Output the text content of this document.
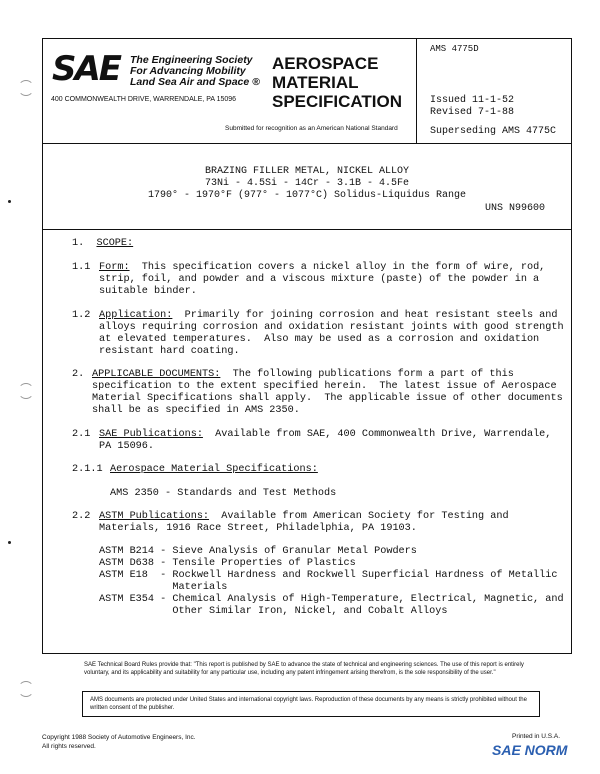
SAE The Engineering Society
For Advancing Mobility
Land Sea Air and Space ®
400 COMMONWEALTH DRIVE, WARRENDALE, PA 15096
AEROSPACE
MATERIAL
SPECIFICATION
Submitted for recognition as an American National Standard
AMS 4775D
Issued 11-1-52
Revised 7-1-88
Superseding AMS 4775C
BRAZING FILLER METAL, NICKEL ALLOY
73Ni - 4.5Si - 14Cr - 3.1B - 4.5Fe
1790° - 1970°F (977° - 1077°C) Solidus-Liquidus Range
UNS N99600
1. SCOPE:
1.1 Form:  This specification covers a nickel alloy in the form of wire, rod,
strip, foil, and powder and a viscous mixture (paste) of the powder in a
suitable binder.
1.2 Application:  Primarily for joining corrosion and heat resistant steels and
alloys requiring corrosion and oxidation resistant joints with good strength
at elevated temperatures.  Also may be used as a corrosion and oxidation
resistant hard coating.
2. APPLICABLE DOCUMENTS:  The following publications form a part of this
specification to the extent specified herein.  The latest issue of Aerospace
Material Specifications shall apply.  The applicable issue of other documents
shall be as specified in AMS 2350.
2.1 SAE Publications:  Available from SAE, 400 Commonwealth Drive, Warrendale,
PA 15096.
2.1.1 Aerospace Material Specifications:
AMS 2350 - Standards and Test Methods
2.2 ASTM Publications:  Available from American Society for Testing and
Materials, 1916 Race Street, Philadelphia, PA 19103.
ASTM B214 - Sieve Analysis of Granular Metal Powders
ASTM D638 - Tensile Properties of Plastics
ASTM E18  - Rockwell Hardness and Rockwell Superficial Hardness of Metallic
Materials
ASTM E354 - Chemical Analysis of High-Temperature, Electrical, Magnetic, and
Other Similar Iron, Nickel, and Cobalt Alloys
SAE Technical Board Rules provide that: "This report is published by SAE to advance the state of technical and engineering sciences. The use of this report is entirely voluntary, and its applicability and suitability for any particular use, including any patent infringement arising therefrom, is the sole responsibility of the user."
AMS documents are protected under United States and international copyright laws. Reproduction of these documents by any means is strictly prohibited without the written consent of the publisher.
Copyright 1988 Society of Automotive Engineers, Inc.
All rights reserved.
Printed in U.S.A.
SAE NORM
